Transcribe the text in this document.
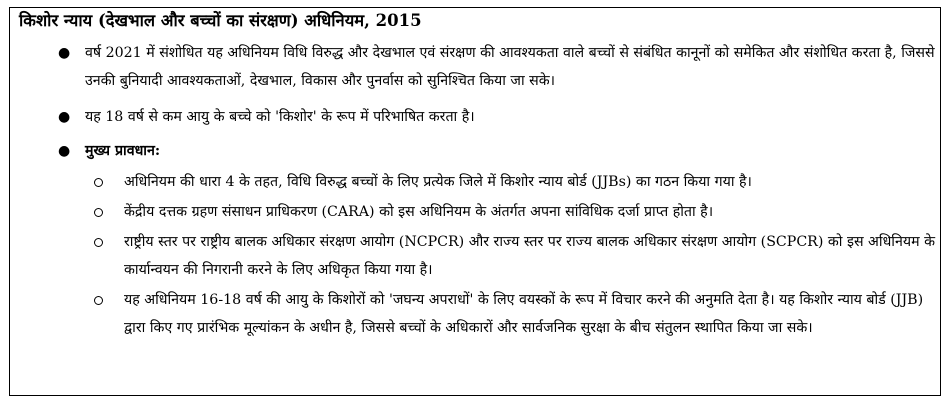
किशोर न्याय (देखभाल और बच्चों का संरक्षण) अधिनियम, 2015
● वर्ष 2021 में संशोधित यह अधिनियम विधि विरुद्ध और देखभाल एवं संरक्षण की आवश्यकता वाले बच्चों से संबंधित कानूनों को समेकित और संशोधित करता है, जिससे उनकी बुनियादी आवश्यकताओं, देखभाल, विकास और पुनर्वास को सुनिश्चित किया जा सके।
● यह 18 वर्ष से कम आयु के बच्चे को 'किशोर' के रूप में परिभाषित करता है।
● मुख्य प्रावधान:
अधिनियम की धारा 4 के तहत, विधि विरुद्ध बच्चों के लिए प्रत्येक जिले में किशोर न्याय बोर्ड (JJBs) का गठन किया गया है।
केंद्रीय दत्तक ग्रहण संसाधन प्राधिकरण (CARA) को इस अधिनियम के अंतर्गत अपना सांविधिक दर्जा प्राप्त होता है।
राष्ट्रीय स्तर पर राष्ट्रीय बालक अधिकार संरक्षण आयोग (NCPCR) और राज्य स्तर पर राज्य बालक अधिकार संरक्षण आयोग (SCPCR) को इस अधिनियम के कार्यान्वयन की निगरानी करने के लिए अधिकृत किया गया है।
यह अधिनियम 16-18 वर्ष की आयु के किशोरों को 'जघन्य अपराधों' के लिए वयस्कों के रूप में विचार करने की अनुमति देता है। यह किशोर न्याय बोर्ड (JJB) द्वारा किए गए प्रारंभिक मूल्यांकन के अधीन है, जिससे बच्चों के अधिकारों और सार्वजनिक सुरक्षा के बीच संतुलन स्थापित किया जा सके।
